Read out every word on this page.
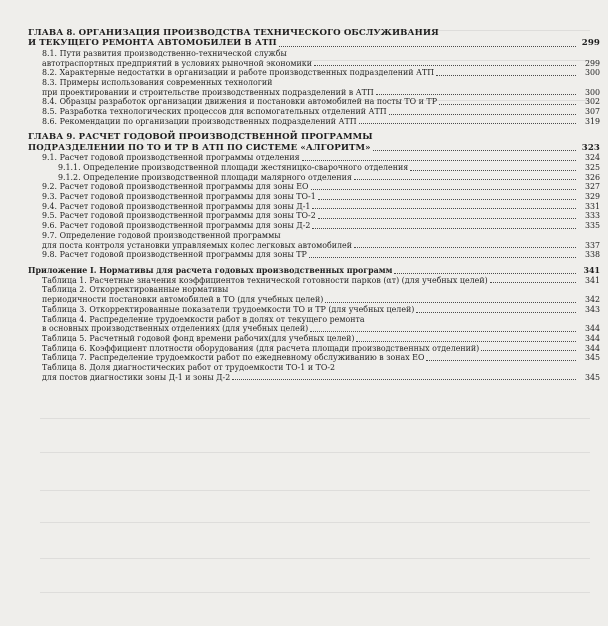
ГЛАВА 8. ОРГАНИЗАЦИЯ ПРОИЗВОДСТВА ТЕХНИЧЕСКОГО ОБСЛУЖИВАНИЯ
И ТЕКУЩЕГО РЕМОНТА АВТОМОБИЛЕЙ В АТП	299
8.1. Пути развития производственно-технической службы
автотраспортных предприятий в условиях рыночной экономики	299
8.2. Характерные недостатки в организации и работе производственных подразделений АТП	300
8.3. Примеры использования современных технологий
при проектировании и строительстве производственных подразделений в АТП	300
8.4. Образцы разработок организации движения и постановки автомобилей на посты ТО и ТР	302
8.5. Разработка технологических процессов для вспомогательных отделений АТП	307
8.6. Рекомендации по организации производственных подразделений АТП	319
ГЛАВА 9. РАСЧЕТ ГОДОВОЙ ПРОИЗВОДСТВЕННОЙ ПРОГРАММЫ
ПОДРАЗДЕЛЕНИЙ ПО ТО И ТР В АТП ПО СИСТЕМЕ «АЛГОРИТМ»	323
9.1. Расчет годовой производственной программы отделения	324
9.1.1. Определение производственной площади жестяницко-сварочного отделения	325
9.1.2. Определение производственной площади малярного отделения	326
9.2. Расчет годовой производственной программы для зоны ЕО	327
9.3. Расчет годовой производственной программы для зоны ТО-1	329
9.4. Расчет годовой производственной программы для зоны Д-1	331
9.5. Расчет годовой производственной программы для зоны ТО-2	333
9.6. Расчет годовой производственной программы для зоны Д-2	335
9.7. Определение годовой производственной программы
для поста контроля установки управляемых колес легковых автомобилей	337
9.8. Расчет годовой производственной программы для зоны ТР	338
Приложение I. Нормативы для расчета годовых производственных программ	341
Таблица 1. Расчетные значения коэффициентов технической готовности парков (αт) (для учебных целей)	341
Таблица 2. Откорректированные нормативы
периодичности постановки автомобилей в ТО (для учебных целей)	342
Таблица 3. Откорректированные показатели трудоемкости ТО и ТР (для учебных целей)	343
Таблица 4. Распределение трудоемкости работ в долях от текущего ремонта
в основных производственных отделениях (для учебных целей)	344
Таблица 5. Расчетный годовой фонд времени рабочих(для учебных целей)	344
Таблица 6. Коэффициент плотности оборудования (для расчета площади производственных отделений)	344
Таблица 7. Распределение трудоемкости работ по ежедневному обслуживанию в зонах ЕО	345
Таблица 8. Доля диагностических работ от трудоемкости ТО-1 и ТО-2
для постов диагностики зоны Д-1 и зоны Д-2	345
